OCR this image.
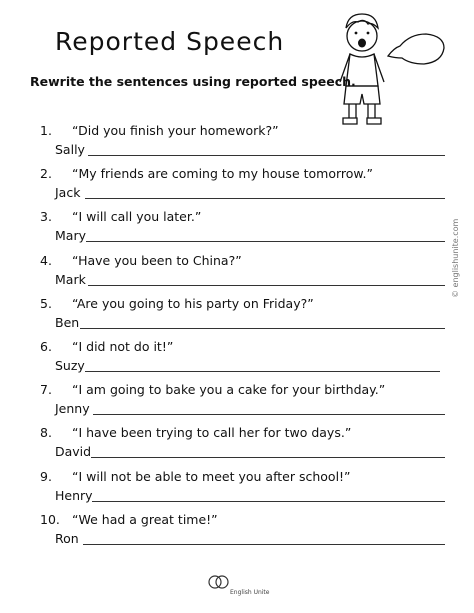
Reported Speech
Rewrite the sentences using reported speech.
© englishunite.com
1. “Did you finish your homework?”
Sally
2. “My friends are coming to my house tomorrow.”
Jack
3. “I will call you later.”
Mary
4. “Have you been to China?”
Mark
5. “Are you going to his party on Friday?”
Ben
6. “I did not do it!”
Suzy
7. “I am going to bake you a cake for your birthday.”
Jenny
8. “I have been trying to call her for two days.”
David
9. “I will not be able to meet you after school!”
Henry
10. “We had a great time!”
Ron
English Unite
